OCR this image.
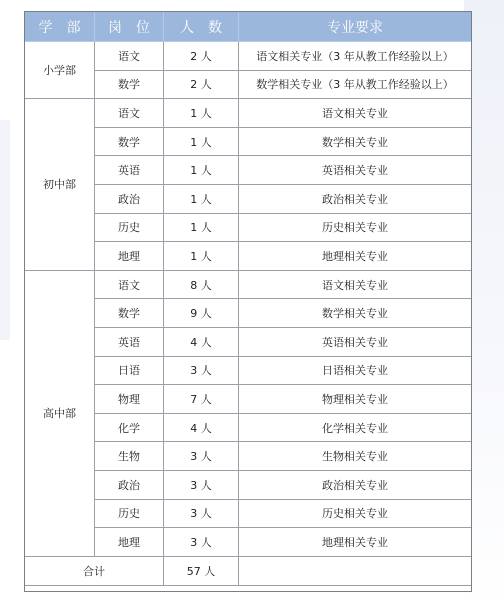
学　部	岗　位	人　数	专业要求
小学部	语文	2 人	语文相关专业（3 年从教工作经验以上）
	数学	2 人	数学相关专业（3 年从教工作经验以上）
初中部	语文	1 人	语文相关专业
	数学	1 人	数学相关专业
	英语	1 人	英语相关专业
	政治	1 人	政治相关专业
	历史	1 人	历史相关专业
	地理	1 人	地理相关专业
高中部	语文	8 人	语文相关专业
	数学	9 人	数学相关专业
	英语	4 人	英语相关专业
	日语	3 人	日语相关专业
	物理	7 人	物理相关专业
	化学	4 人	化学相关专业
	生物	3 人	生物相关专业
	政治	3 人	政治相关专业
	历史	3 人	历史相关专业
	地理	3 人	地理相关专业
合计		57 人	
